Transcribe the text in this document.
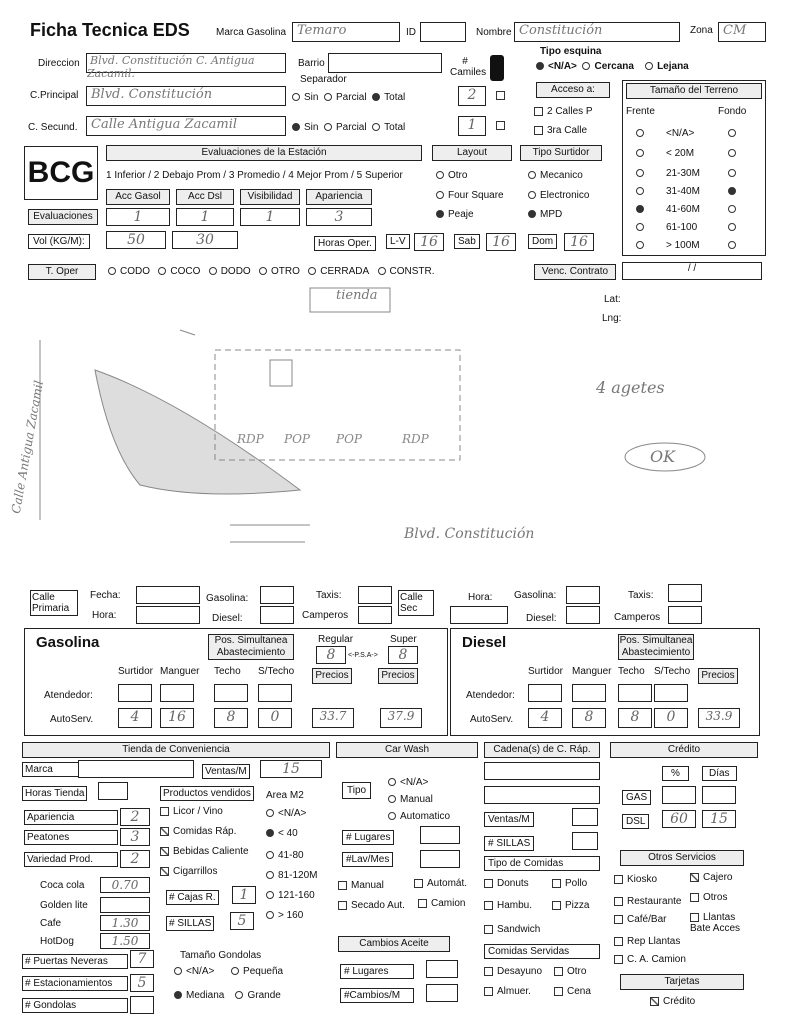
Ficha Tecnica EDS	Marca Gasolina Temaro	ID	Nombre Constitución	Zona CM
Direccion Blvd. Constitución C. Antigua Zacamil.
Barrio
Separador
# Camiles
C.Principal Blvd. Constitución	Sin Parcial Total	2
C. Secund.	Calle Antigua Zacamil	Sin Parcial Total	1
Tipo esquina
<N/A> Cercana Lejana
Acceso a:
2 Calles P
3ra Calle
Tamaño del Terreno
Frente	Fondo
<N/A>
< 20M
21-30M
31-40M
41-60M
61-100
> 100M
BCG
Evaluaciones de la Estación
1 Inferior / 2 Debajo Prom / 3 Promedio / 4 Mejor Prom / 5 Superior
Acc Gasol
1
Acc Dsl
1
Visibilidad
1
Apariencia
3
Evaluaciones
Vol (KG/M):	50	30
Layout
Otro
Four Square
Peaje
Tipo Surtidor
Mecanico
Electronico
MPD
Horas Oper.	L-V	16	Sab	16	Dom	16
T. Oper	CODO COCO DODO OTRO CERRADA CONSTR.	Venc. Contrato	/ /
Lat:
Lng:
RDP POP POP	RDP
tienda
4 agetes
OK
Blvd. Constitución
Calle Antigua Zacamil
Calle Primaria
Fecha:
Hora:
Gasolina:
Diesel:
Taxis:
Camperos
Calle Sec
Hora: Gasolina:
Diesel:
Taxis:
Camperos
Gasolina	Pos. Simultanea Abastecimiento
Regular	Super
8	<-P.S.A->	8
Precios	Precios
Surtidor Manguer Techo S/Techo
Atendedor:
AutoServ.	4	16	8	0	33.7	37.9
Diesel	Pos. Simultanea Abastecimiento
Precios
Surtidor Manguer Techo S/Techo
Atendedor:
AutoServ.	4	8	8	0	33.9
Tienda de Conveniencia
Marca	Ventas/M	15
Horas Tienda	Productos vendidos	Area M2
Apariencia	2
Peatones	3
Variedad Prod.	2
Licor / Vino
Comidas Ráp.
Bebidas Caliente
Cigarrillos
<N/A>
< 40
41-80
81-120M
121-160
> 160
Coca cola	0.70
Golden lite
Cafe	1.30
HotDog	1.50
# Cajas R.	1
# SILLAS	5
# Puertas Neveras	7
# Estacionamientos	5
# Gondolas
Tamaño Gondolas
<N/A>	Pequeña
Mediana Grande
Car Wash
Tipo
<N/A>
Manual
Automatico
# Lugares
#Lav/Mes
Manual	Automát.
Secado Aut.	Camion
Cambios Aceite
# Lugares
#Cambios/M
Cadena(s) de C. Ráp.
Ventas/M
# SILLAS
Tipo de Comidas
Donuts	Pollo
Hambu.	Pizza
Sandwich
Comidas Servidas
Desayuno	Otro
Almuer.	Cena
Crédito
%	Días
GAS
DSL	60	15
Otros Servicios
Kiosko	Cajero
Restaurante	Otros
Café/Bar	Llantas Bate Acces
Rep Llantas
C. A. Camion
Tarjetas
Crédito
